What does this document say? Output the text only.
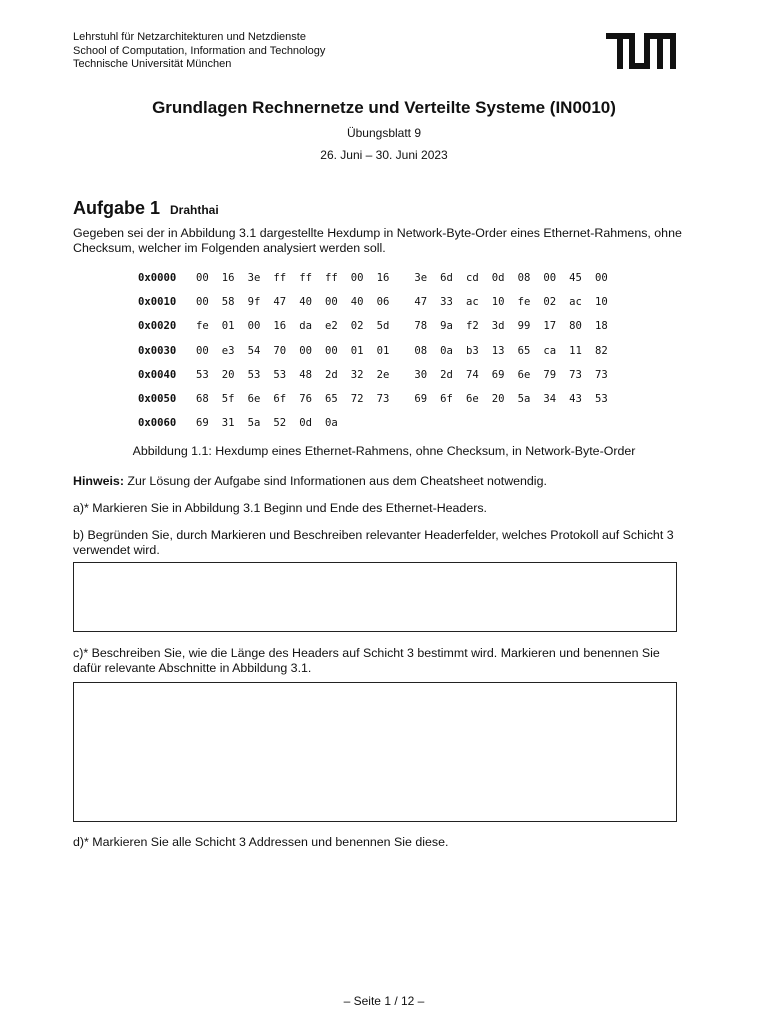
Lehrstuhl für Netzarchitekturen und Netzdienste
School of Computation, Information and Technology
Technische Universität München
Grundlagen Rechnernetze und Verteilte Systeme (IN0010)
Übungsblatt 9
26. Juni – 30. Juni 2023
Aufgabe 1 Drahthai
Gegeben sei der in Abbildung 3.1 dargestellte Hexdump in Network-Byte-Order eines Ethernet-Rahmens, ohne Checksum, welcher im Folgenden analysiert werden soll.
0x0000	00	16	3e	ff	ff	ff	00	16	3e	6d	cd	0d	08	00	45	00
0x0010	00	58	9f	47	40	00	40	06	47	33	ac	10	fe	02	ac	10
0x0020	fe	01	00	16	da	e2	02	5d	78	9a	f2	3d	99	17	80	18
0x0030	00	e3	54	70	00	00	01	01	08	0a	b3	13	65	ca	11	82
0x0040	53	20	53	53	48	2d	32	2e	30	2d	74	69	6e	79	73	73
0x0050	68	5f	6e	6f	76	65	72	73	69	6f	6e	20	5a	34	43	53
0x0060	69	31	5a	52	0d	0a
Abbildung 1.1: Hexdump eines Ethernet-Rahmens, ohne Checksum, in Network-Byte-Order
Hinweis: Zur Lösung der Aufgabe sind Informationen aus dem Cheatsheet notwendig.
a)* Markieren Sie in Abbildung 3.1 Beginn und Ende des Ethernet-Headers.
b) Begründen Sie, durch Markieren und Beschreiben relevanter Headerfelder, welches Protokoll auf Schicht 3 verwendet wird.
c)* Beschreiben Sie, wie die Länge des Headers auf Schicht 3 bestimmt wird. Markieren und benennen Sie dafür relevante Abschnitte in Abbildung 3.1.
d)* Markieren Sie alle Schicht 3 Addressen und benennen Sie diese.
– Seite 1 / 12 –
